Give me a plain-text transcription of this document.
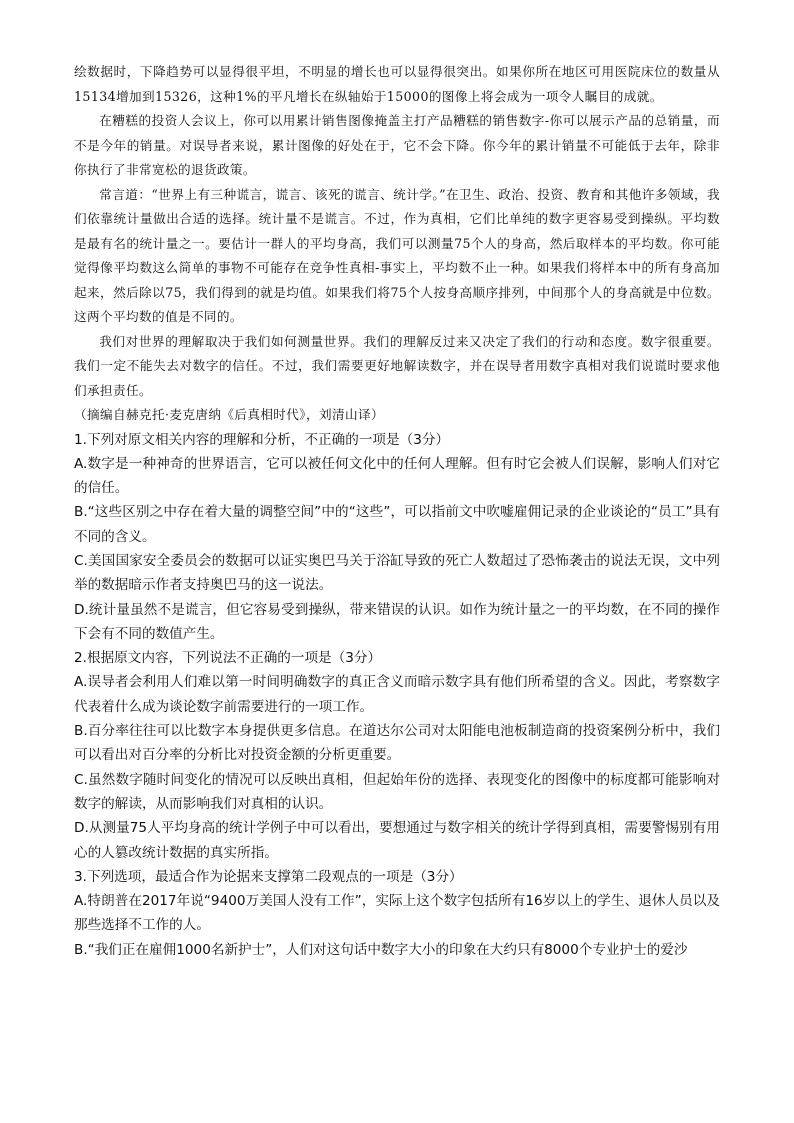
绘数据时，下降趋势可以显得很平坦，不明显的增长也可以显得很突出。如果你所在地区可用医院床位的数量从15134增加到15326，这种1%的平凡增长在纵轴始于15000的图像上将会成为一项令人瞩目的成就。

在糟糕的投资人会议上，你可以用累计销售图像掩盖主打产品糟糕的销售数字-你可以展示产品的总销量，而不是今年的销量。对误导者来说，累计图像的好处在于，它不会下降。你今年的累计销量不可能低于去年，除非你执行了非常宽松的退货政策。

常言道：“世界上有三种谎言，谎言、该死的谎言、统计学。”在卫生、政治、投资、教育和其他许多领域，我们依靠统计量做出合适的选择。统计量不是谎言。不过，作为真相，它们比单纯的数字更容易受到操纵。平均数是最有名的统计量之一。要估计一群人的平均身高，我们可以测量75个人的身高，然后取样本的平均数。你可能觉得像平均数这么简单的事物不可能存在竞争性真相-事实上，平均数不止一种。如果我们将样本中的所有身高加起来，然后除以75，我们得到的就是均值。如果我们将75个人按身高顺序排列，中间那个人的身高就是中位数。这两个平均数的值是不同的。

我们对世界的理解取决于我们如何测量世界。我们的理解反过来又决定了我们的行动和态度。数字很重要。我们一定不能失去对数字的信任。不过，我们需要更好地解读数字，并在误导者用数字真相对我们说谎时要求他们承担责任。

（摘编自赫克托·麦克唐纳《后真相时代》，刘清山译）

1.下列对原文相关内容的理解和分析，不正确的一项是（3分）

A.数字是一种神奇的世界语言，它可以被任何文化中的任何人理解。但有时它会被人们误解，影响人们对它的信任。

B.“这些区别之中存在着大量的调整空间”中的“这些”，可以指前文中吹嘘雇佣记录的企业谈论的“员工”具有不同的含义。

C.美国国家安全委员会的数据可以证实奥巴马关于浴缸导致的死亡人数超过了恐怖袭击的说法无误，文中列举的数据暗示作者支持奥巴马的这一说法。

D.统计量虽然不是谎言，但它容易受到操纵，带来错误的认识。如作为统计量之一的平均数，在不同的操作下会有不同的数值产生。

2.根据原文内容，下列说法不正确的一项是（3分）

A.误导者会利用人们难以第一时间明确数字的真正含义而暗示数字具有他们所希望的含义。因此，考察数字代表着什么成为谈论数字前需要进行的一项工作。

B.百分率往往可以比数字本身提供更多信息。在道达尔公司对太阳能电池板制造商的投资案例分析中，我们可以看出对百分率的分析比对投资金额的分析更重要。

C.虽然数字随时间变化的情况可以反映出真相，但起始年份的选择、表现变化的图像中的标度都可能影响对数字的解读，从而影响我们对真相的认识。

D.从测量75人平均身高的统计学例子中可以看出，要想通过与数字相关的统计学得到真相，需要警惕别有用心的人篡改统计数据的真实所指。

3.下列选项，最适合作为论据来支撑第二段观点的一项是（3分）

A.特朗普在2017年说“9400万美国人没有工作”，实际上这个数字包括所有16岁以上的学生、退休人员以及那些选择不工作的人。

B.“我们正在雇佣1000名新护士”，人们对这句话中数字大小的印象在大约只有8000个专业护士的爱沙
